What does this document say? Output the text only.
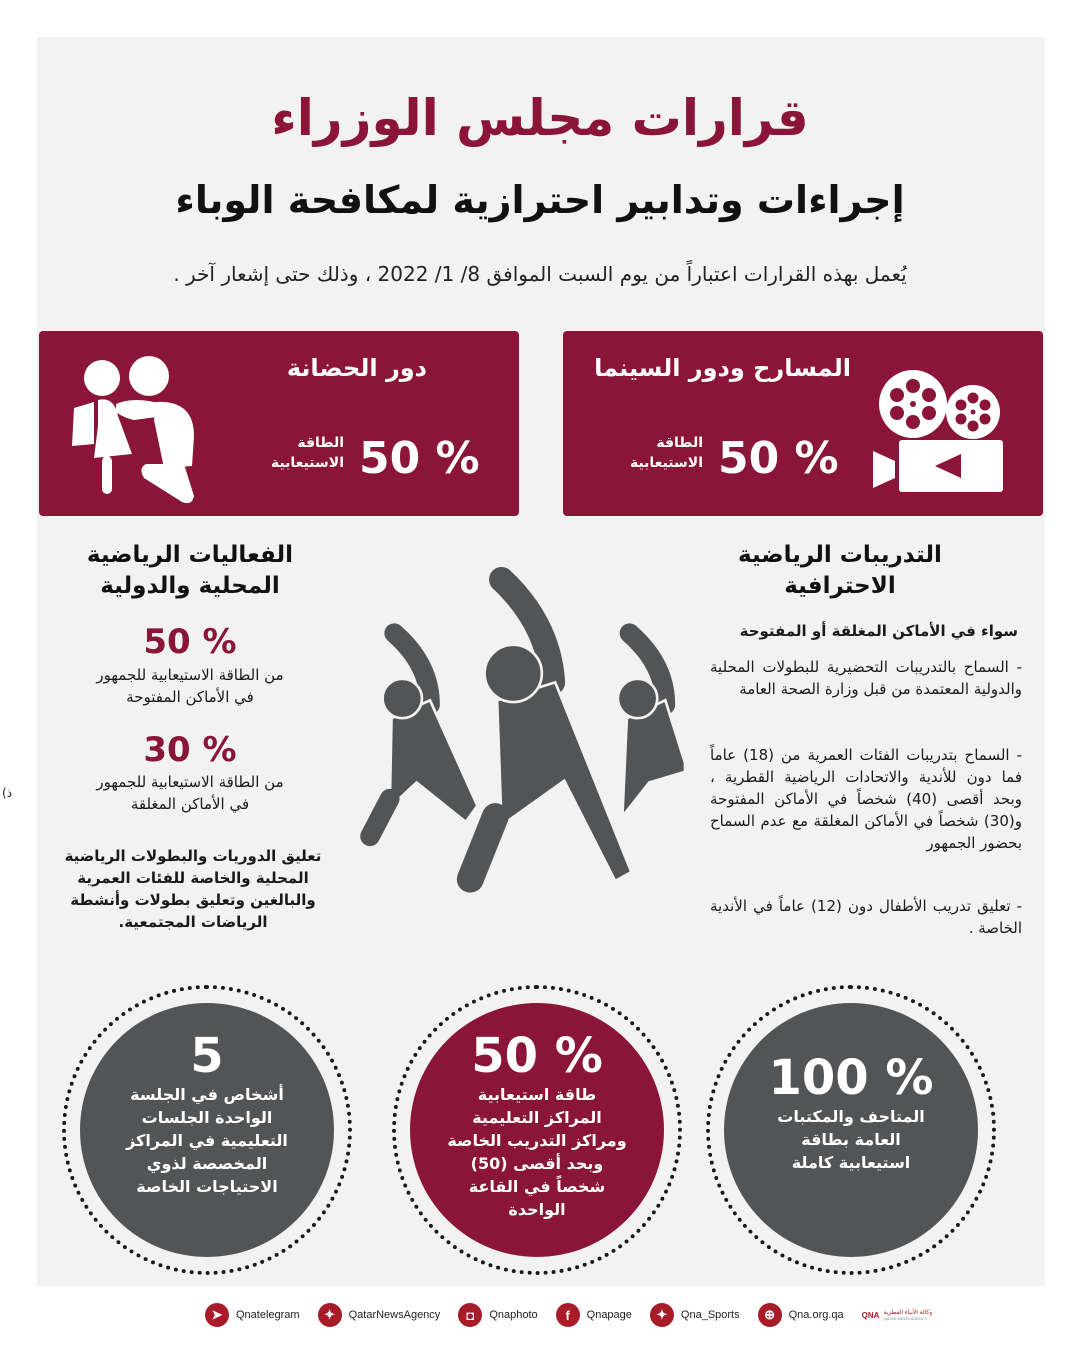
(ذ
قرارات مجلس الوزراء
إجراءات وتدابير احترازية لمكافحة الوباء
يُعمل بهذه القرارات اعتباراً من يوم السبت الموافق 8/ 1/ 2022 ، وذلك حتى إشعار آخر .
المسارح ودور السينما
50 %
الطاقة
الاستيعابية
دور الحضانة
50 %
الطاقة
الاستيعابية
الفعاليات الرياضية
المحلية والدولية
50 %
من الطاقة الاستيعابية للجمهور
في الأماكن المفتوحة
30 %
من الطاقة الاستيعابية للجمهور
في الأماكن المغلقة
تعليق الدوريات والبطولات الرياضية المحلية والخاصة للفئات العمرية والبالغين وتعليق بطولات وأنشطة الرياضات المجتمعية.
التدريبات الرياضية
الاحترافية
سواء في الأماكن المغلقة أو المفتوحة
- السماح بالتدريبات التحضيرية للبطولات المحلية والدولية المعتمدة من قبل وزارة الصحة العامة
- السماح بتدريبات الفئات العمرية من (18) عاماً فما دون للأندية والاتحادات الرياضية القطرية ، وبحد أقصى (40) شخصاً في الأماكن المفتوحة و(30) شخصاً في الأماكن المغلقة مع عدم السماح بحضور الجمهور
- تعليق تدريب الأطفال دون (12) عاماً في الأندية الخاصة .
100 %
المتاحف والمكتبات
العامة بطاقة
استيعابية كاملة
50 %
طاقة استيعابية
المراكز التعليمية
ومراكز التدريب الخاصة
وبحد أقصى (50)
شخصاً في القاعة
الواحدة
5
أشخاص في الجلسة
الواحدة الجلسات
التعليمية في المراكز
المخصصة لذوي
الاحتياجات الخاصة
➤	Qnatelegram	✦	QatarNewsAgency	◘	Qnaphoto	f	Qnapage	✦	Qna_Sports	⊕	Qna.org.qa QNA وكالة الأنباء القطرية
QATAR NEWS AGENCY
